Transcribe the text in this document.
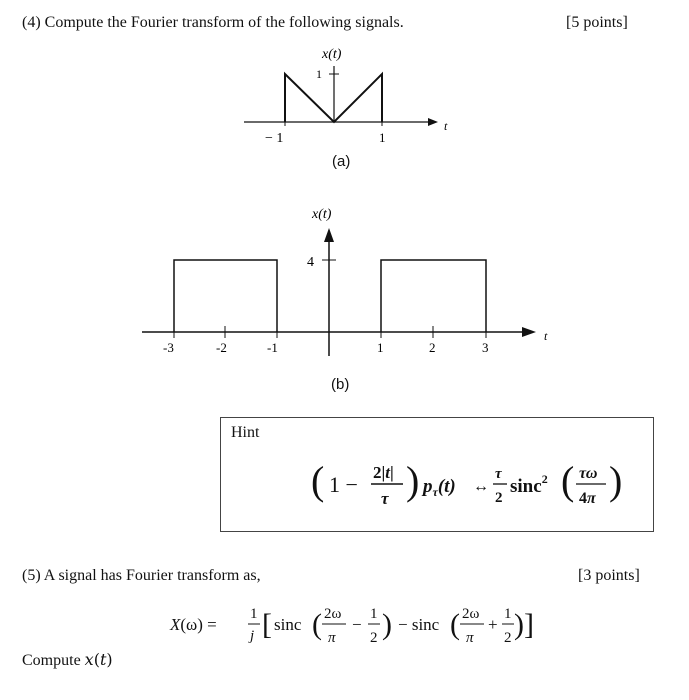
(4) Compute the Fourier transform of the following signals.	[5 points]
x(t)
1
− 1	1
t
(a)
x(t)
4
-3	-2	-1	1	2	3
t
(b)
Hint
( 1 − 2|t|
τ ) $p_\tau(t)$ ↔
τ
2
sinc$^2$ ( τω
4π )
(5) A signal has Fourier transform as,	[3 points]
X(ω) =
1
j [ sinc ( 2ω
π
−
1
2 ) − sinc ( 2ω
π
+
1
2 )]
Compute x(t)
